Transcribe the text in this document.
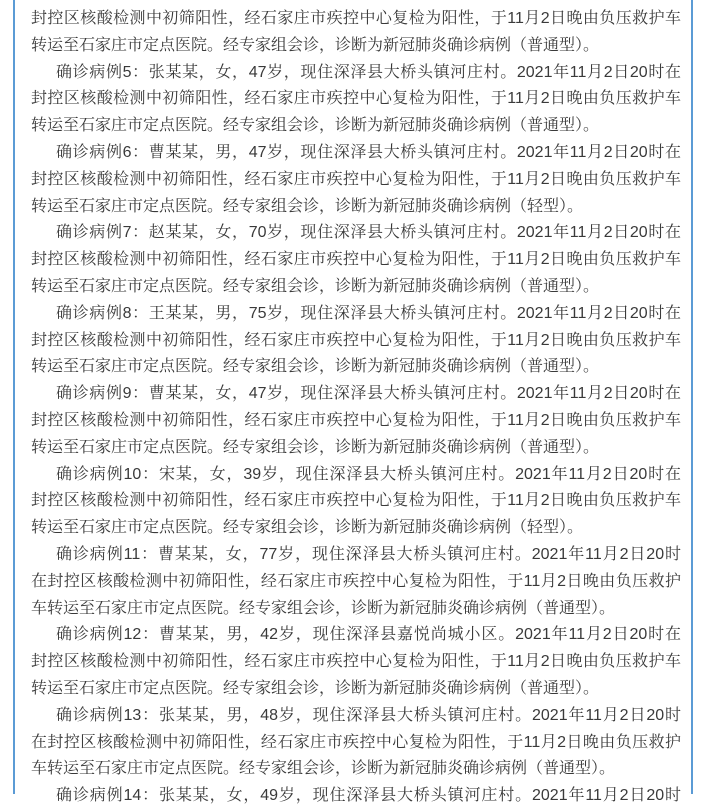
封控区核酸检测中初筛阳性，经石家庄市疾控中心复检为阳性，于11月2日晚由负压救护车
转运至石家庄市定点医院。经专家组会诊，诊断为新冠肺炎确诊病例（普通型）。
确诊病例5：张某某，女，47岁，现住深泽县大桥头镇河庄村。2021年11月2日20时在
封控区核酸检测中初筛阳性，经石家庄市疾控中心复检为阳性，于11月2日晚由负压救护车
转运至石家庄市定点医院。经专家组会诊，诊断为新冠肺炎确诊病例（普通型）。
确诊病例6：曹某某，男，47岁，现住深泽县大桥头镇河庄村。2021年11月2日20时在
封控区核酸检测中初筛阳性，经石家庄市疾控中心复检为阳性，于11月2日晚由负压救护车
转运至石家庄市定点医院。经专家组会诊，诊断为新冠肺炎确诊病例（轻型）。
确诊病例7：赵某某，女，70岁，现住深泽县大桥头镇河庄村。2021年11月2日20时在
封控区核酸检测中初筛阳性，经石家庄市疾控中心复检为阳性，于11月2日晚由负压救护车
转运至石家庄市定点医院。经专家组会诊，诊断为新冠肺炎确诊病例（普通型）。
确诊病例8：王某某，男，75岁，现住深泽县大桥头镇河庄村。2021年11月2日20时在
封控区核酸检测中初筛阳性，经石家庄市疾控中心复检为阳性，于11月2日晚由负压救护车
转运至石家庄市定点医院。经专家组会诊，诊断为新冠肺炎确诊病例（普通型）。
确诊病例9：曹某某，女，47岁，现住深泽县大桥头镇河庄村。2021年11月2日20时在
封控区核酸检测中初筛阳性，经石家庄市疾控中心复检为阳性，于11月2日晚由负压救护车
转运至石家庄市定点医院。经专家组会诊，诊断为新冠肺炎确诊病例（普通型）。
确诊病例10：宋某，女，39岁，现住深泽县大桥头镇河庄村。2021年11月2日20时在
封控区核酸检测中初筛阳性，经石家庄市疾控中心复检为阳性，于11月2日晚由负压救护车
转运至石家庄市定点医院。经专家组会诊，诊断为新冠肺炎确诊病例（轻型）。
确诊病例11：曹某某，女，77岁，现住深泽县大桥头镇河庄村。2021年11月2日20时
在封控区核酸检测中初筛阳性，经石家庄市疾控中心复检为阳性，于11月2日晚由负压救护
车转运至石家庄市定点医院。经专家组会诊，诊断为新冠肺炎确诊病例（普通型）。
确诊病例12：曹某某，男，42岁，现住深泽县嘉悦尚城小区。2021年11月2日20时在
封控区核酸检测中初筛阳性，经石家庄市疾控中心复检为阳性，于11月2日晚由负压救护车
转运至石家庄市定点医院。经专家组会诊，诊断为新冠肺炎确诊病例（普通型）。
确诊病例13：张某某，男，48岁，现住深泽县大桥头镇河庄村。2021年11月2日20时
在封控区核酸检测中初筛阳性，经石家庄市疾控中心复检为阳性，于11月2日晚由负压救护
车转运至石家庄市定点医院。经专家组会诊，诊断为新冠肺炎确诊病例（普通型）。
确诊病例14：张某某，女，49岁，现住深泽县大桥头镇河庄村。2021年11月2日20时
